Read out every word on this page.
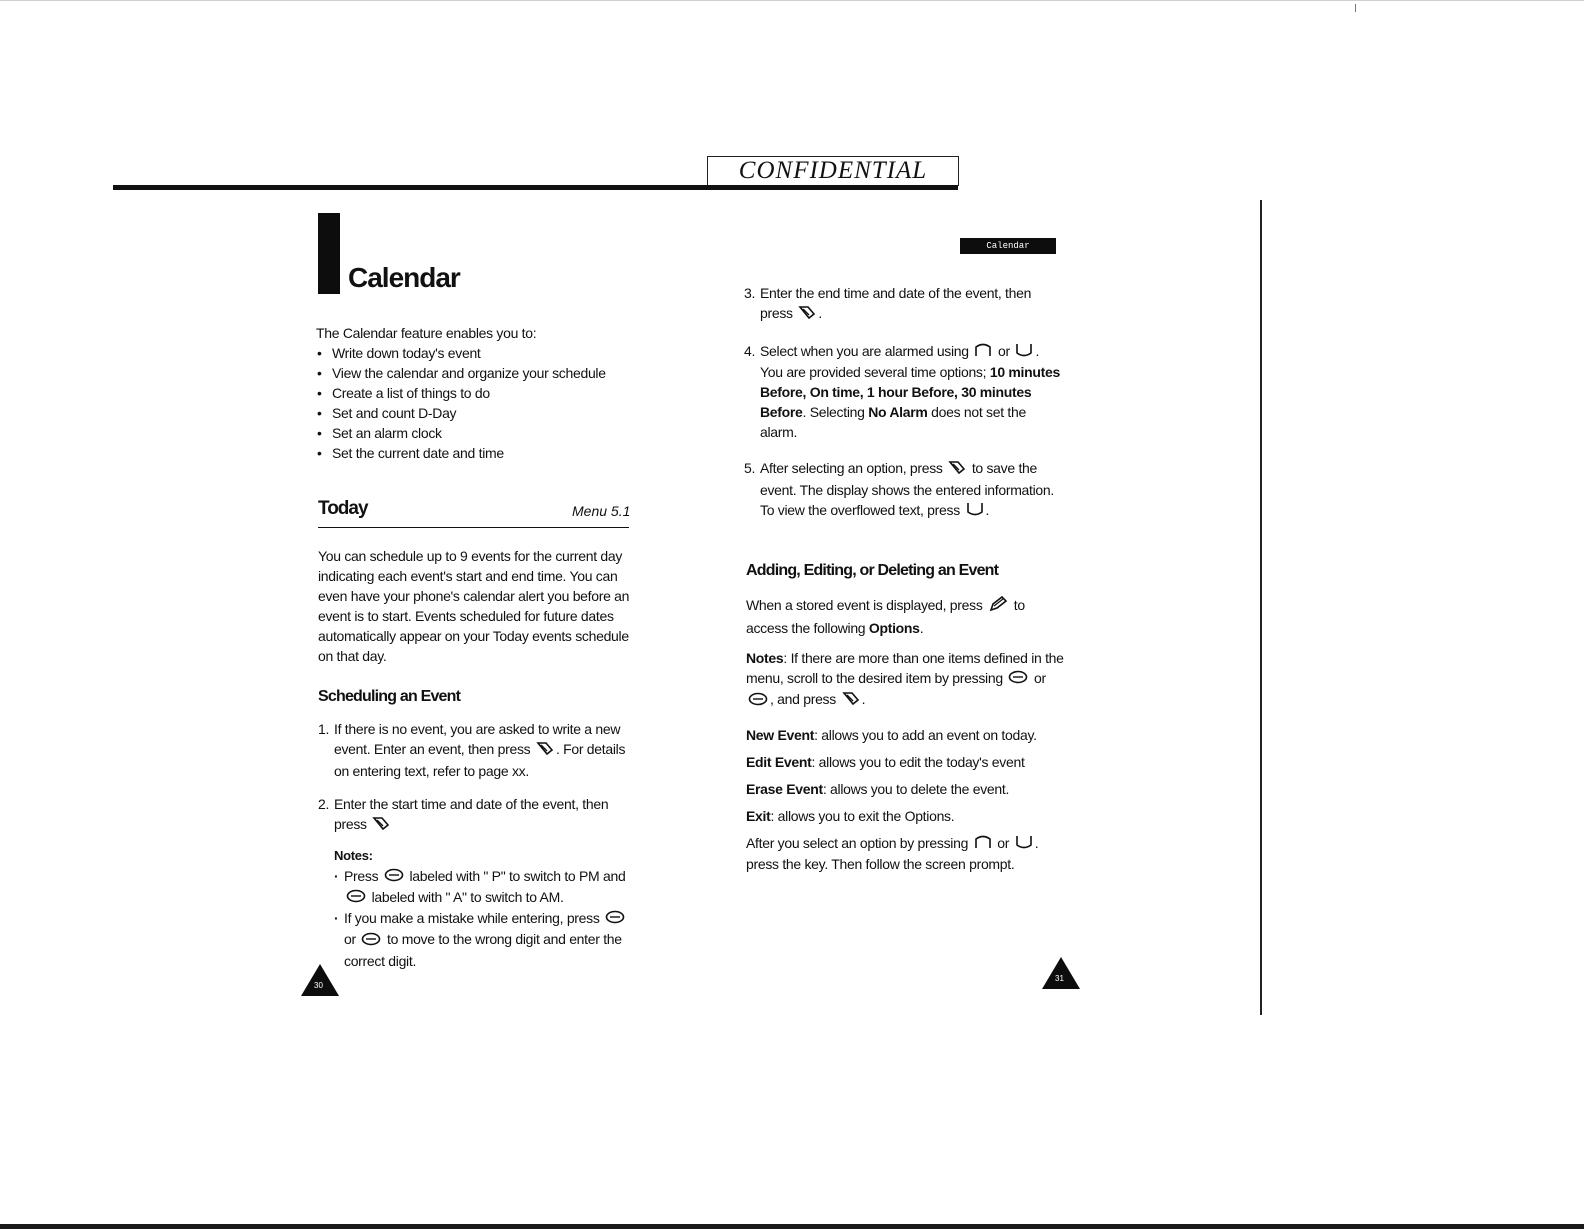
CONFIDENTIAL
Calendar

The Calendar feature enables you to:

• Write down today's event
• View the calendar and organize your schedule
• Create a list of things to do
• Set and count D-Day
• Set an alarm clock
• Set the current date and time
Today	Menu 5.1
You can schedule up to 9 events for the current day indicating each event's start and end time. You can even have your phone's calendar alert you before an event is to start. Events scheduled for future dates automatically appear on your Today events schedule on that day.
Scheduling an Event
1. If there is no event, you are asked to write a new event. Enter an event, then press . For details on entering text, refer to page xx.
2. Enter the start time and date of the event, then press
Notes:
· Press labeled with " P" to switch to PM and  labeled with " A" to switch to AM.
· If you make a mistake while entering, press  or to move to the wrong digit and enter the correct digit.
30
Calendar
3. Enter the end time and date of the event, then press .
4. Select when you are alarmed using or . You are provided several time options; 10 minutes Before, On time, 1 hour Before, 30 minutes Before. Selecting No Alarm does not set the alarm.
5. After selecting an option, press to save the event. The display shows the entered information. To view the overflowed text, press .
Adding, Editing, or Deleting an Event

When a stored event is displayed, press to access the following Options.

Notes: If there are more than one items defined in the menu, scroll to the desired item by pressing or , and press .

New Event: allows you to add an event on today.

Edit Event: allows you to edit the today's event

Erase Event: allows you to delete the event.

Exit: allows you to exit the Options.

After you select an option by pressing or . press the key. Then follow the screen prompt.

31
